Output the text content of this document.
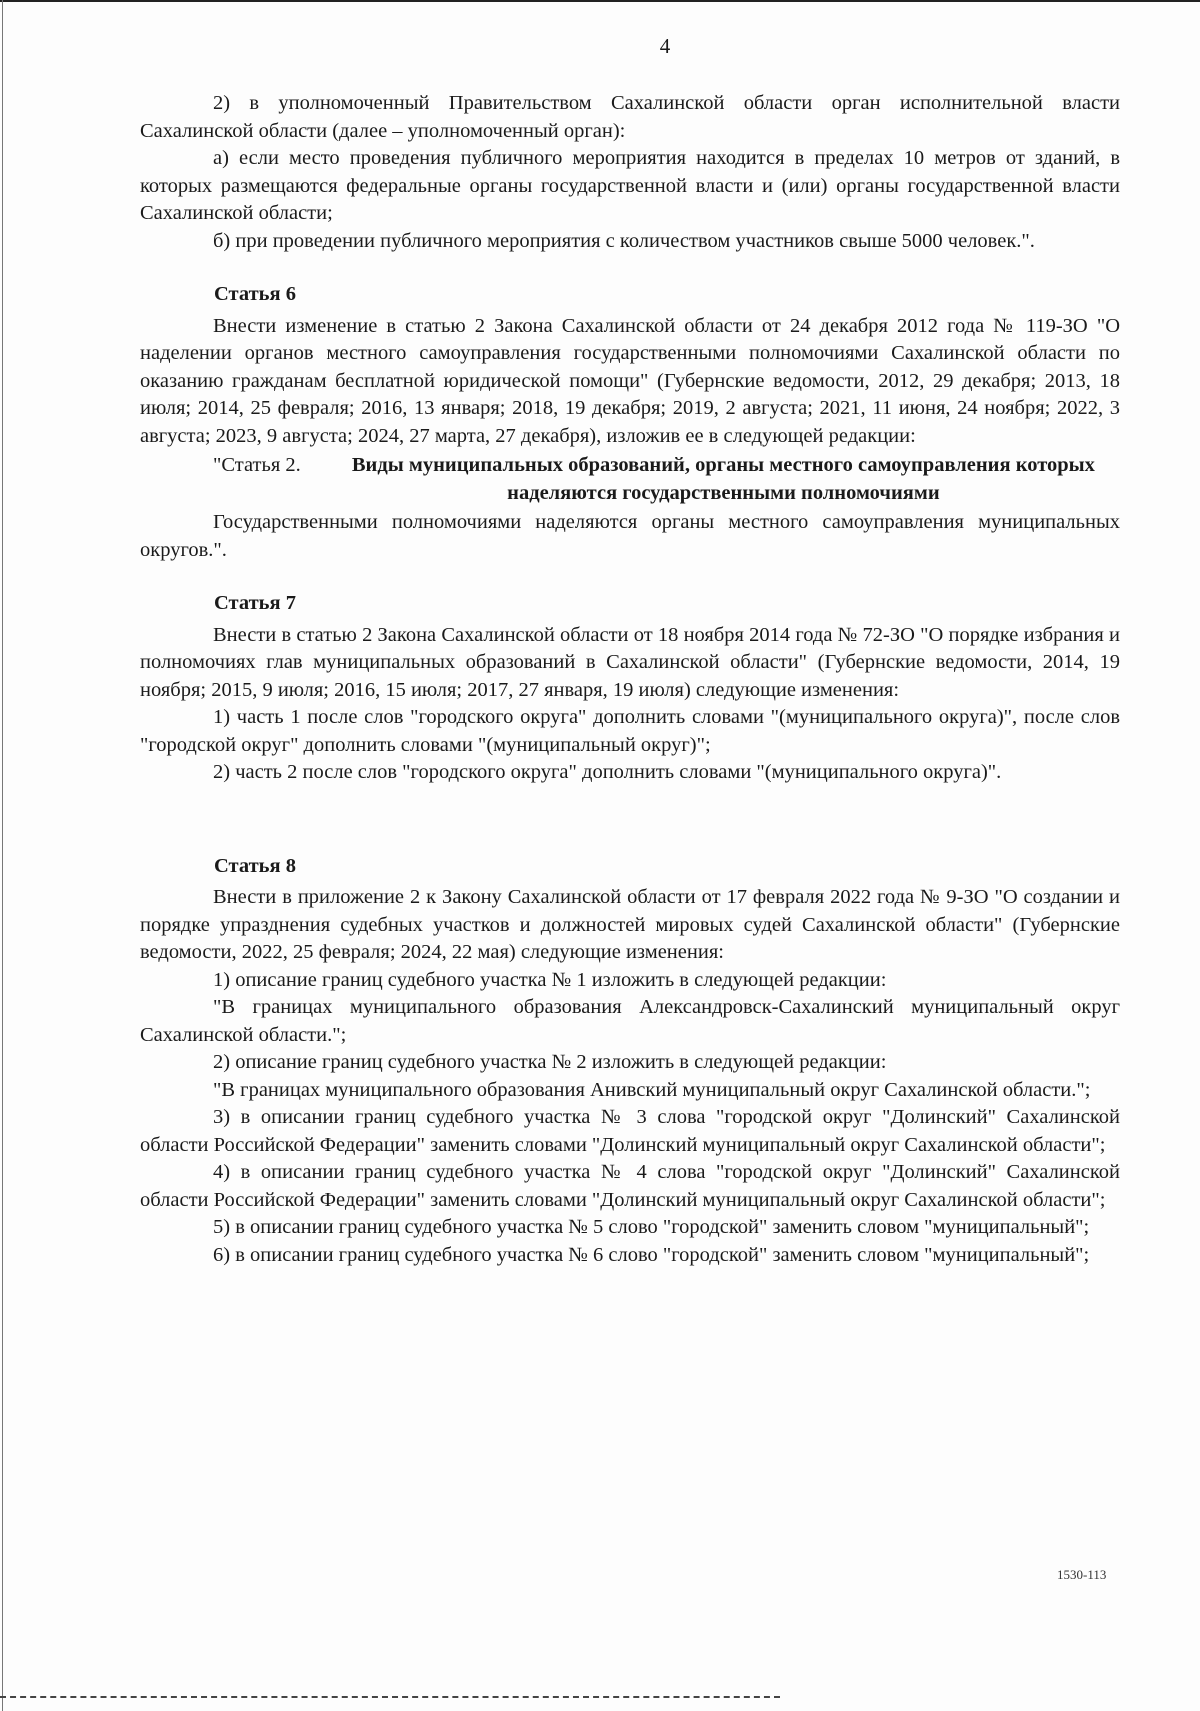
4

2) в уполномоченный Правительством Сахалинской области орган исполнительной власти Сахалинской области (далее – уполномоченный орган):

а) если место проведения публичного мероприятия находится в пределах 10 метров от зданий, в которых размещаются федеральные органы государственной власти и (или) органы государственной власти Сахалинской области;

б) при проведении публичного мероприятия с количеством участников свыше 5000 человек.".

Статья 6

Внести изменение в статью 2 Закона Сахалинской области от 24 декабря 2012 года № 119-ЗО "О наделении органов местного самоуправления государственными полномочиями Сахалинской области по оказанию гражданам бесплатной юридической помощи" (Губернские ведомости, 2012, 29 декабря; 2013, 18 июля; 2014, 25 февраля; 2016, 13 января; 2018, 19 декабря; 2019, 2 августа; 2021, 11 июня, 24 ноября; 2022, 3 августа; 2023, 9 августа; 2024, 27 марта, 27 декабря), изложив ее в следующей редакции:

"Статья 2.	Виды муниципальных образований, органы местного самоуправления которых наделяются государственными полномочиями

Государственными полномочиями наделяются органы местного самоуправления муниципальных округов.".

Статья 7

Внести в статью 2 Закона Сахалинской области от 18 ноября 2014 года № 72-ЗО "О порядке избрания и полномочиях глав муниципальных образований в Сахалинской области" (Губернские ведомости, 2014, 19 ноября; 2015, 9 июля; 2016, 15 июля; 2017, 27 января, 19 июля) следующие изменения:

1) часть 1 после слов "городского округа" дополнить словами "(муниципального округа)", после слов "городской округ" дополнить словами "(муниципальный округ)";

2) часть 2 после слов "городского округа" дополнить словами "(муниципального округа)".

Статья 8

Внести в приложение 2 к Закону Сахалинской области от 17 февраля 2022 года № 9-ЗО "О создании и порядке упразднения судебных участков и должностей мировых судей Сахалинской области" (Губернские ведомости, 2022, 25 февраля; 2024, 22 мая) следующие изменения:

1) описание границ судебного участка № 1 изложить в следующей редакции:

"В границах муниципального образования Александровск-Сахалинский муниципальный округ Сахалинской области.";

2) описание границ судебного участка № 2 изложить в следующей редакции:

"В границах муниципального образования Анивский муниципальный округ Сахалинской области.";

3) в описании границ судебного участка № 3 слова "городской округ "Долинский" Сахалинской области Российской Федерации" заменить словами "Долинский муниципальный округ Сахалинской области";

4) в описании границ судебного участка № 4 слова "городской округ "Долинский" Сахалинской области Российской Федерации" заменить словами "Долинский муниципальный округ Сахалинской области";

5) в описании границ судебного участка № 5 слово "городской" заменить словом "муниципальный";

6) в описании границ судебного участка № 6 слово "городской" заменить словом "муниципальный";

1530-113
